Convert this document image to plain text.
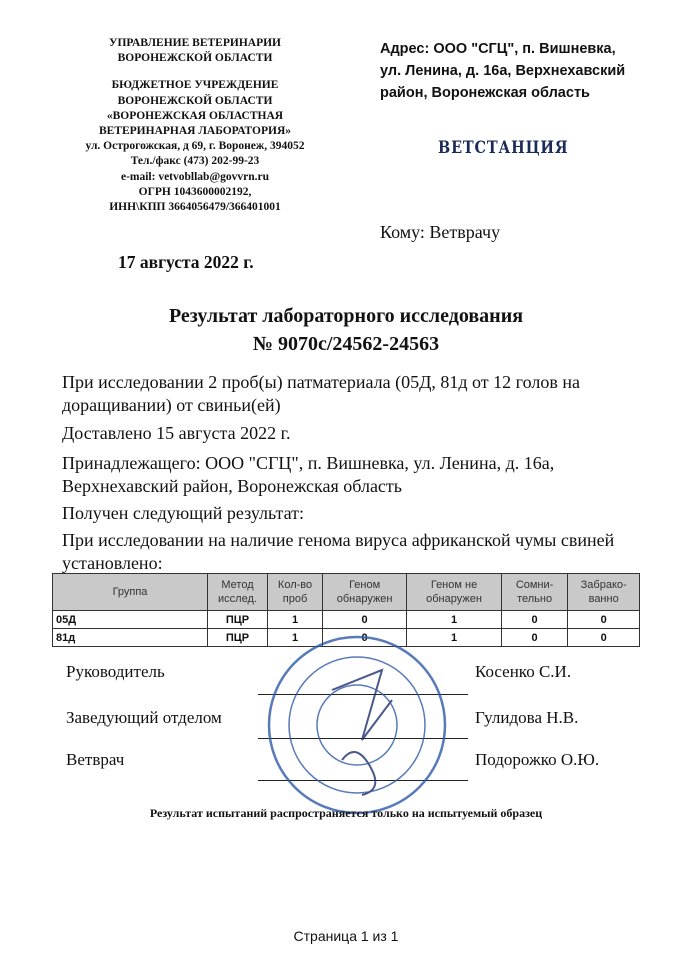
УПРАВЛЕНИЕ ВЕТЕРИНАРИИ
ВОРОНЕЖСКОЙ ОБЛАСТИ
БЮДЖЕТНОЕ УЧРЕЖДЕНИЕ
ВОРОНЕЖСКОЙ ОБЛАСТИ
«ВОРОНЕЖСКАЯ ОБЛАСТНАЯ
ВЕТЕРИНАРНАЯ ЛАБОРАТОРИЯ»
ул. Острогожская, д 69, г. Воронеж, 394052
Тел./факс (473) 202-99-23
e-mail: vetvobllab@govvrn.ru
ОГРН 1043600002192,
ИНН\КПП 3664056479/366401001
Адрес: ООО "СГЦ", п. Вишневка,
ул. Ленина, д. 16а, Верхнехавский
район, Воронежская область
ВЕТСТАНЦИЯ
Кому: Ветврачу
17 августа 2022 г.
Результат лабораторного исследования
№ 9070с/24562-24563
При исследовании 2 проб(ы) патматериала (05Д, 81д от 12 голов на доращивании) от свиньи(ей)
Доставлено 15 августа 2022 г.
Принадлежащего: ООО "СГЦ", п. Вишневка, ул. Ленина, д. 16а, Верхнехавский район, Воронежская область
Получен следующий результат:
При исследовании на наличие генома вируса африканской чумы свиней установлено:
Группа	Метод исслед.	Кол-во проб	Геном обнаружен	Геном не обнаружен	Сомни-тельно	Забрако-ванно
05Д	ПЦР	1	0	1	0	0
81д	ПЦР	1	0	1	0	0
Руководитель	Косенко С.И.
Заведующий отделом	Гулидова Н.В.
Ветврач	Подорожко О.Ю.
Результат испытаний распространяется только на испытуемый образец
Страница 1 из 1
